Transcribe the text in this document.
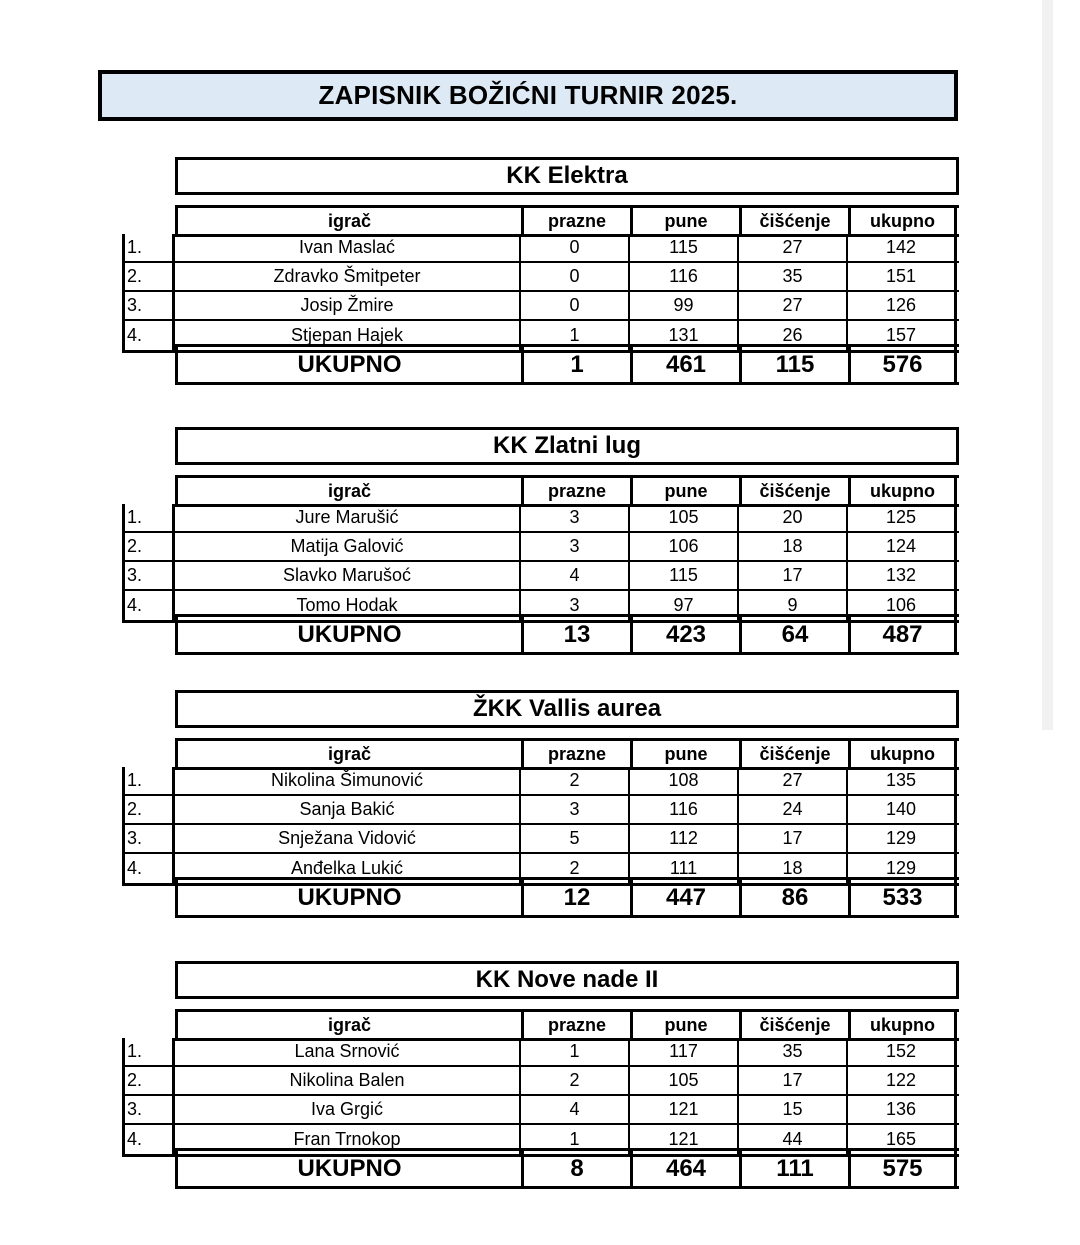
ZAPISNIK BOŽIĆNI TURNIR 2025.
KK Elektra
igrač	prazne	pune	čišćenje	ukupno
1.	Ivan Maslać	0	115	27	142
2.	Zdravko Šmitpeter	0	116	35	151
3.	Josip Žmire	0	99	27	126
4.	Stjepan Hajek	1	131	26	157
UKUPNO	1	461	115	576
KK Zlatni lug
igrač	prazne	pune	čišćenje	ukupno
1.	Jure Marušić	3	105	20	125
2.	Matija Galović	3	106	18	124
3.	Slavko Marušoć	4	115	17	132
4.	Tomo Hodak	3	97	9	106
UKUPNO	13	423	64	487
ŽKK Vallis aurea
igrač	prazne	pune	čišćenje	ukupno
1.	Nikolina Šimunović	2	108	27	135
2.	Sanja Bakić	3	116	24	140
3.	Snježana Vidović	5	112	17	129
4.	Anđelka Lukić	2	111	18	129
UKUPNO	12	447	86	533
KK Nove nade II
igrač	prazne	pune	čišćenje	ukupno
1.	Lana Srnović	1	117	35	152
2.	Nikolina Balen	2	105	17	122
3.	Iva Grgić	4	121	15	136
4.	Fran Trnokop	1	121	44	165
UKUPNO	8	464	111	575
